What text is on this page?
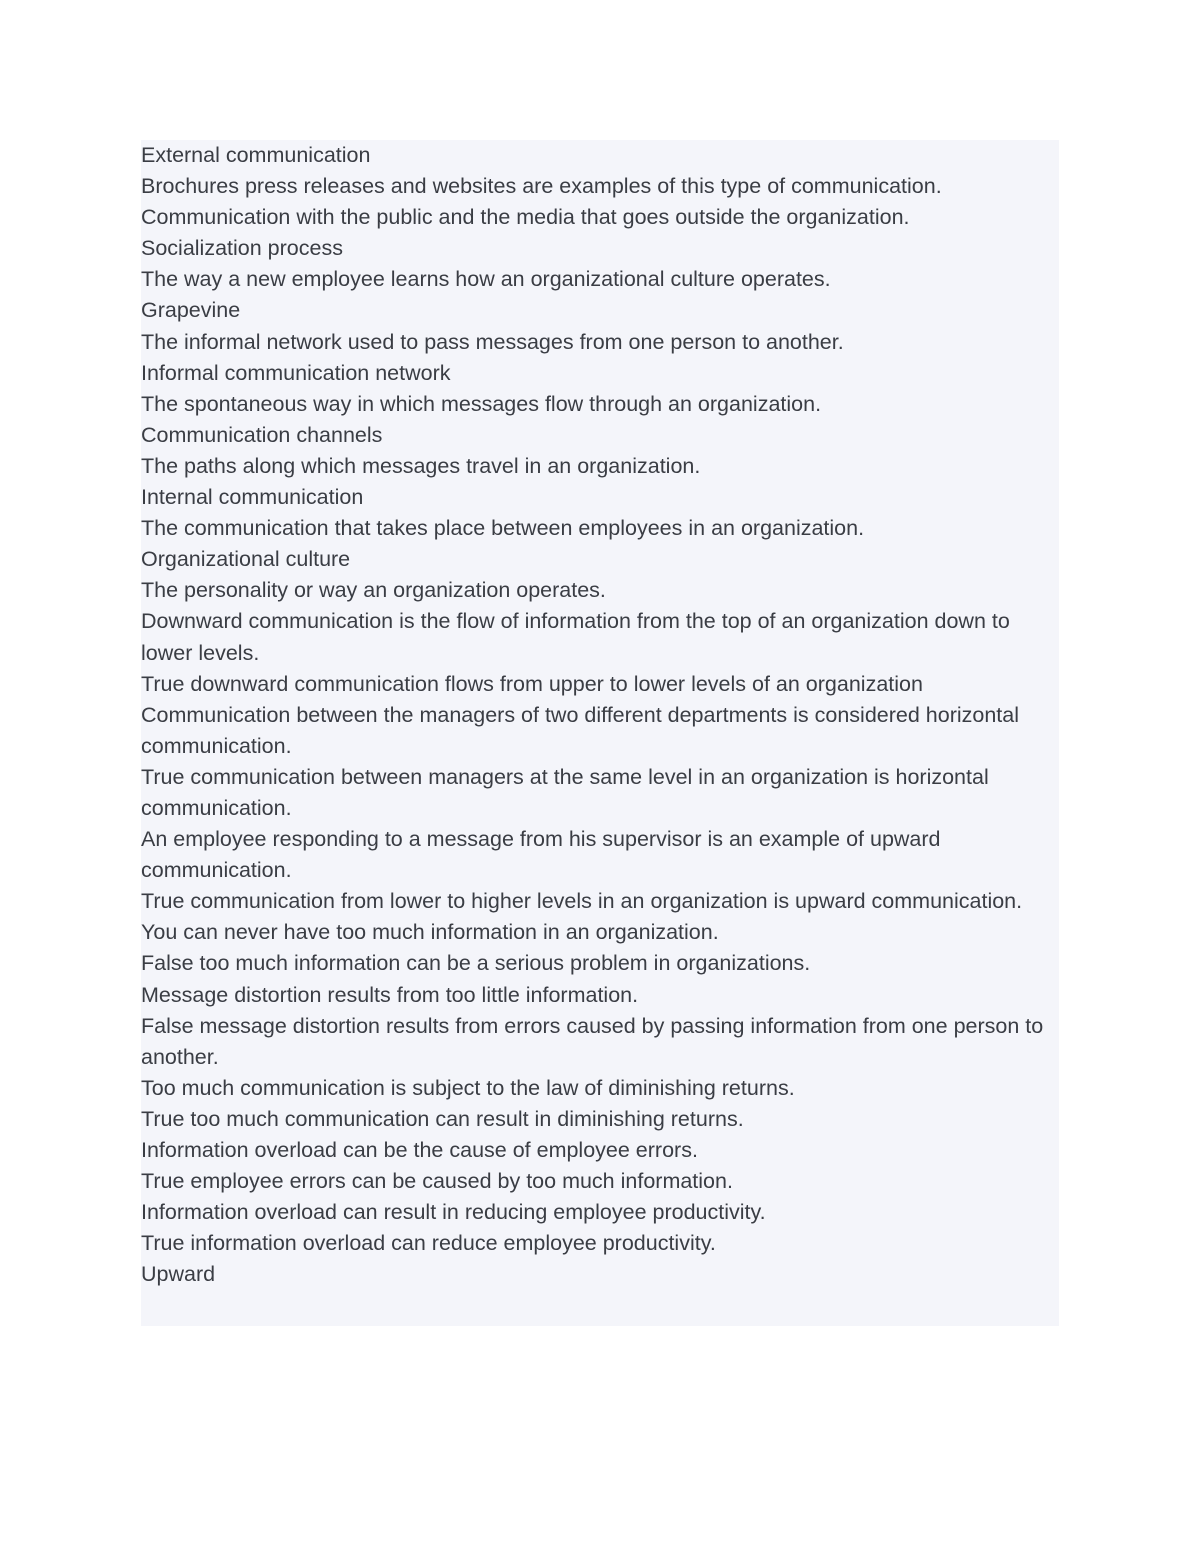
External communication

Brochures press releases and websites are examples of this type of communication.

Communication with the public and the media that goes outside the organization.

Socialization process

The way a new employee learns how an organizational culture operates.

Grapevine

The informal network used to pass messages from one person to another.

Informal communication network

The spontaneous way in which messages flow through an organization.

Communication channels

The paths along which messages travel in an organization.

Internal communication

The communication that takes place between employees in an organization.

Organizational culture

The personality or way an organization operates.

Downward communication is the flow of information from the top of an organization down to lower levels.

True downward communication flows from upper to lower levels of an organization

Communication between the managers of two different departments is considered horizontal communication.

True communication between managers at the same level in an organization is horizontal communication.

An employee responding to a message from his supervisor is an example of upward communication.

True communication from lower to higher levels in an organization is upward communication.

You can never have too much information in an organization.

False too much information can be a serious problem in organizations.

Message distortion results from too little information.

False message distortion results from errors caused by passing information from one person to another.

Too much communication is subject to the law of diminishing returns.

True too much communication can result in diminishing returns.

Information overload can be the cause of employee errors.

True employee errors can be caused by too much information.

Information overload can result in reducing employee productivity.

True information overload can reduce employee productivity.

Upward
